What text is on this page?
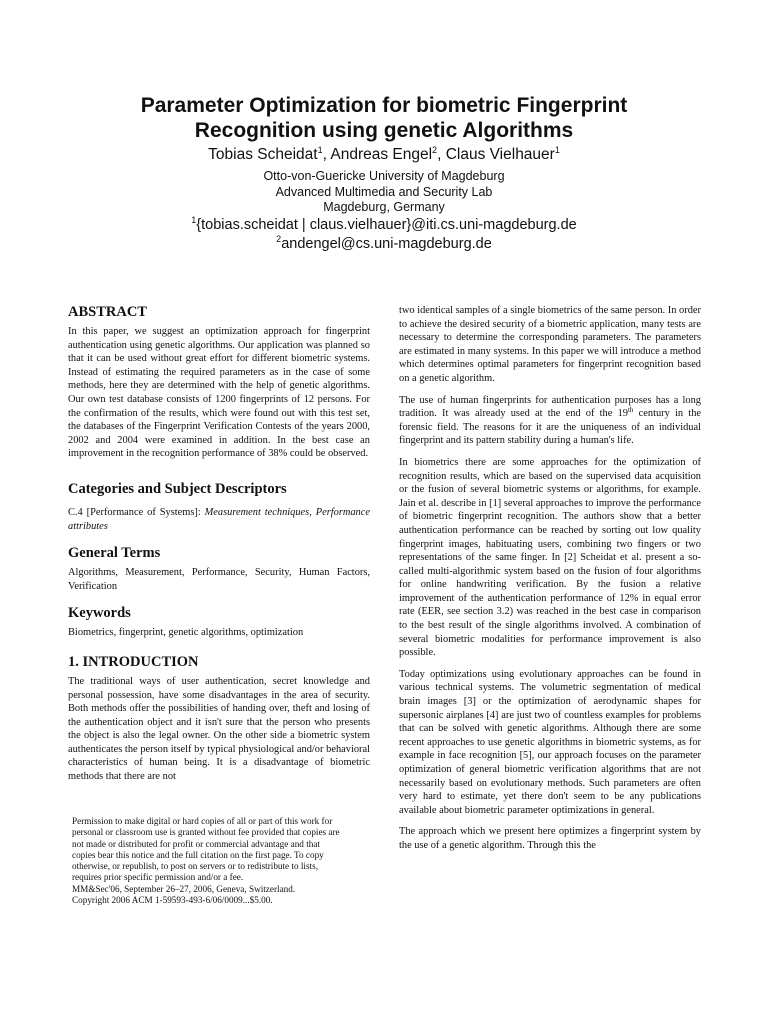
Parameter Optimization for biometric Fingerprint
Recognition using genetic Algorithms
Tobias Scheidat$^1$, Andreas Engel$^2$, Claus Vielhauer$^1$
Otto-von-Guericke University of Magdeburg
Advanced Multimedia and Security Lab
Magdeburg, Germany
$^1${tobias.scheidat | claus.vielhauer}@iti.cs.uni-magdeburg.de
$^2$andengel@cs.uni-magdeburg.de
ABSTRACT

In this paper, we suggest an optimization approach for fingerprint authentication using genetic algorithms. Our application was planned so that it can be used without great effort for different biometric systems. Instead of estimating the required parameters as in the case of some methods, here they are determined with the help of genetic algorithms. Our own test database consists of 1200 fingerprints of 12 persons. For the confirmation of the results, which were found out with this test set, the databases of the Fingerprint Verification Contests of the years 2000, 2002 and 2004 were examined in addition. In the best case an improvement in the recognition performance of 38% could be observed.

Categories and Subject Descriptors

C.4 [Performance of Systems]: Measurement techniques, Performance attributes

General Terms

Algorithms, Measurement, Performance, Security, Human Factors, Verification

Keywords

Biometrics, fingerprint, genetic algorithms, optimization

1. INTRODUCTION

The traditional ways of user authentication, secret knowledge and personal possession, have some disadvantages in the area of security. Both methods offer the possibilities of handing over, theft and losing of the authentication object and it isn't sure that the person who presents the object is also the legal owner. On the other side a biometric system authenticates the person itself by typical physiological and/or behavioral characteristics of human being. It is a disadvantage of biometric methods that there are not

Permission to make digital or hard copies of all or part of this work for
personal or classroom use is granted without fee provided that copies are
not made or distributed for profit or commercial advantage and that
copies bear this notice and the full citation on the first page. To copy
otherwise, or republish, to post on servers or to redistribute to lists,
requires prior specific permission and/or a fee.
MM&Sec'06, September 26–27, 2006, Geneva, Switzerland.
Copyright 2006 ACM 1-59593-493-6/06/0009...$5.00.

two identical samples of a single biometrics of the same person. In order to achieve the desired security of a biometric application, many tests are necessary to determine the corresponding parameters. The parameters are estimated in many systems. In this paper we will introduce a method which determines optimal parameters for fingerprint recognition based on a genetic algorithm.

The use of human fingerprints for authentication purposes has a long tradition. It was already used at the end of the 19th century in the forensic field. The reasons for it are the uniqueness of an individual fingerprint and its pattern stability during a human's life.

In biometrics there are some approaches for the optimization of recognition results, which are based on the supervised data acquisition or the fusion of several biometric systems or algorithms, for example. Jain et al. describe in [1] several approaches to improve the performance of biometric fingerprint recognition. The authors show that a better authentication performance can be reached by sorting out low quality fingerprint images, habituating users, combining two fingers or two representations of the same finger. In [2] Scheidat et al. present a so-called multi-algorithmic system based on the fusion of four algorithms for online handwriting verification. By the fusion a relative improvement of the authentication performance of 12% in equal error rate (EER, see section 3.2) was reached in the best case in comparison to the best result of the single algorithms involved. A combination of several biometric modalities for performance improvement is also possible.

Today optimizations using evolutionary approaches can be found in various technical systems. The volumetric segmentation of medical brain images [3] or the optimization of aerodynamic shapes for supersonic airplanes [4] are just two of countless examples for problems that can be solved with genetic algorithms. Although there are some recent approaches to use genetic algorithms in biometric systems, as for example in face recognition [5], our approach focuses on the parameter optimization of general biometric verification algorithms that are not necessarily based on evolutionary methods. Such parameters are often very hard to estimate, yet there don't seem to be any publications available about biometric parameter optimizations in general.

The approach which we present here optimizes a fingerprint system by the use of a genetic algorithm. Through this the
